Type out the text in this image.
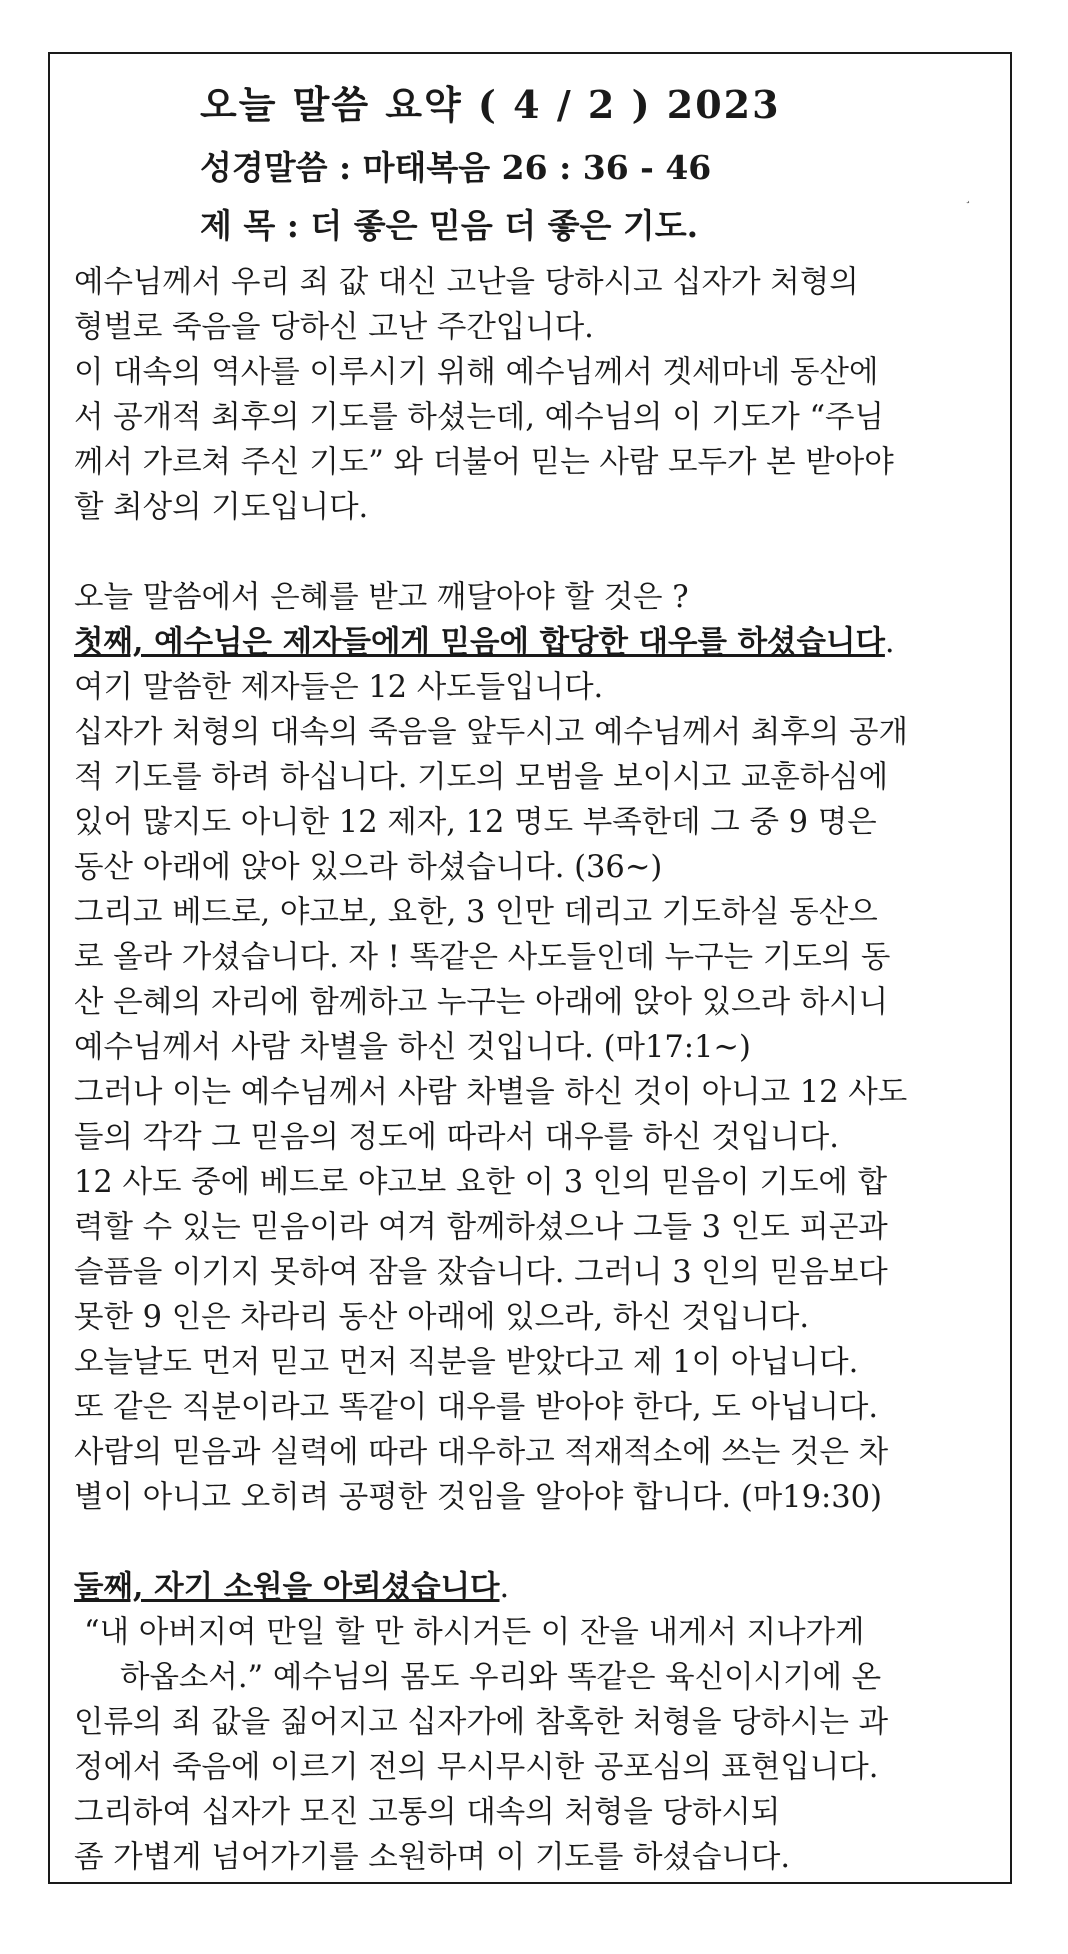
오늘 말씀 요약 ( 4 / 2 ) 2023
성경말씀 : 마태복음 26 : 36 - 46
제 목 : 더 좋은 믿음 더 좋은 기도.
¸

예수님께서 우리 죄 값 대신 고난을 당하시고 십자가 처형의

형벌로 죽음을 당하신 고난 주간입니다.

이 대속의 역사를 이루시기 위해 예수님께서 겟세마네 동산에

서 공개적 최후의 기도를 하셨는데, 예수님의 이 기도가 “주님

께서 가르쳐 주신 기도” 와 더불어 믿는 사람 모두가 본 받아야

할 최상의 기도입니다.

오늘 말씀에서 은혜를 받고 깨달아야 할 것은 ?

첫째, 예수님은 제자들에게 믿음에 합당한 대우를 하셨습니다.

여기 말씀한 제자들은 12 사도들입니다.

십자가 처형의 대속의 죽음을 앞두시고 예수님께서 최후의 공개

적 기도를 하려 하십니다. 기도의 모범을 보이시고 교훈하심에

있어 많지도 아니한 12 제자, 12 명도 부족한데 그 중 9 명은

동산 아래에 앉아 있으라 하셨습니다. (36~)

그리고 베드로, 야고보, 요한, 3 인만 데리고 기도하실 동산으

로 올라 가셨습니다. 자 ! 똑같은 사도들인데 누구는 기도의 동

산 은혜의 자리에 함께하고 누구는 아래에 앉아 있으라 하시니

예수님께서 사람 차별을 하신 것입니다. (마17:1~)

그러나 이는 예수님께서 사람 차별을 하신 것이 아니고 12 사도

들의 각각 그 믿음의 정도에 따라서 대우를 하신 것입니다.

12 사도 중에 베드로 야고보 요한 이 3 인의 믿음이 기도에 합

력할 수 있는 믿음이라 여겨 함께하셨으나 그들 3 인도 피곤과

슬픔을 이기지 못하여 잠을 잤습니다. 그러니 3 인의 믿음보다

못한 9 인은 차라리 동산 아래에 있으라, 하신 것입니다.

오늘날도 먼저 믿고 먼저 직분을 받았다고 제 1이 아닙니다.

또 같은 직분이라고 똑같이 대우를 받아야 한다, 도 아닙니다.

사람의 믿음과 실력에 따라 대우하고 적재적소에 쓰는 것은 차

별이 아니고 오히려 공평한 것임을 알아야 합니다. (마19:30)

둘째, 자기 소원을 아뢰셨습니다.

“내 아버지여 만일 할 만 하시거든 이 잔을 내게서 지나가게

하옵소서.” 예수님의 몸도 우리와 똑같은 육신이시기에 온

인류의 죄 값을 짊어지고 십자가에 참혹한 처형을 당하시는 과

정에서 죽음에 이르기 전의 무시무시한 공포심의 표현입니다.

그리하여 십자가 모진 고통의 대속의 처형을 당하시되

좀 가볍게 넘어가기를 소원하며 이 기도를 하셨습니다.
